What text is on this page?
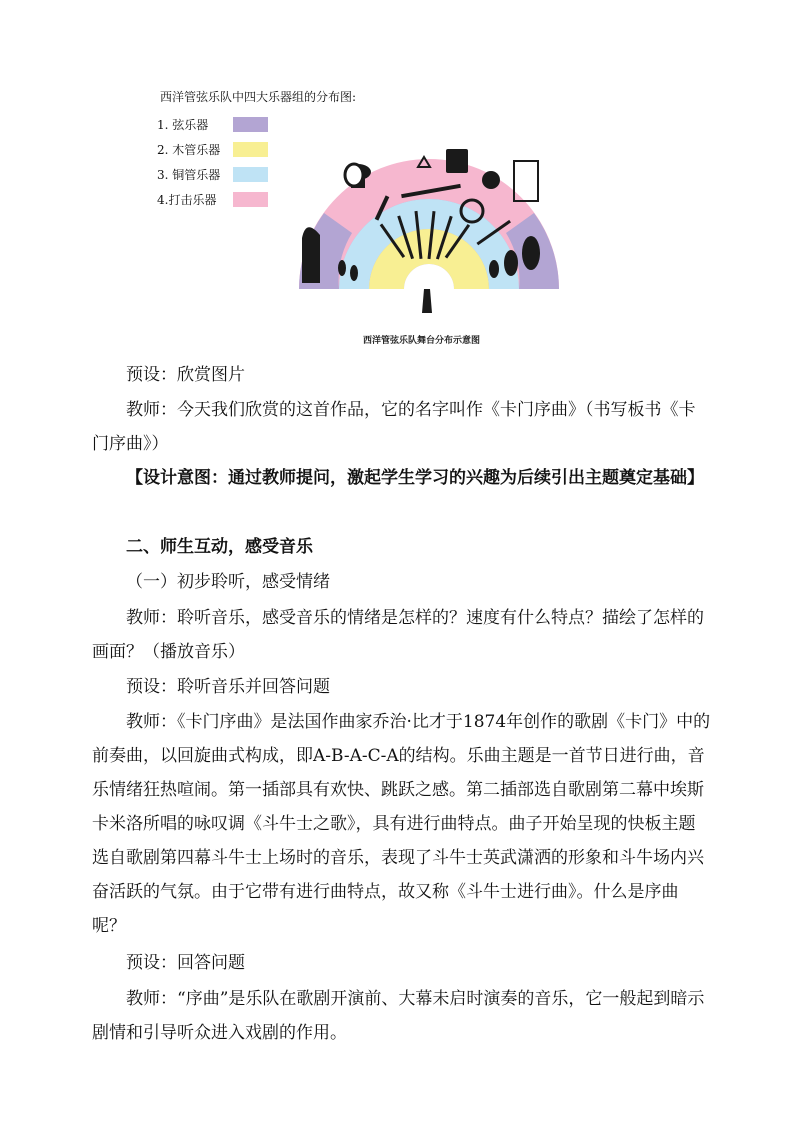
西洋管弦乐队中四大乐器组的分布图:
1. 弦乐器
2. 木管乐器
3. 铜管乐器
4.打击乐器
西洋管弦乐队舞台分布示意图
预设：欣赏图片
教师：今天我们欣赏的这首作品，它的名字叫作《卡门序曲》（书写板书《卡门序曲》）
【设计意图：通过教师提问，激起学生学习的兴趣为后续引出主题奠定基础】
二、师生互动，感受音乐
（一）初步聆听，感受情绪
教师：聆听音乐，感受音乐的情绪是怎样的？速度有什么特点？描绘了怎样的画面？（播放音乐）
预设：聆听音乐并回答问题
教师：《卡门序曲》是法国作曲家乔治·比才于1874年创作的歌剧《卡门》中的前奏曲，以回旋曲式构成，即A-B-A-C-A的结构。乐曲主题是一首节日进行曲，音乐情绪狂热喧闹。第一插部具有欢快、跳跃之感。第二插部选自歌剧第二幕中埃斯卡米洛所唱的咏叹调《斗牛士之歌》，具有进行曲特点。曲子开始呈现的快板主题选自歌剧第四幕斗牛士上场时的音乐，表现了斗牛士英武潇洒的形象和斗牛场内兴奋活跃的气氛。由于它带有进行曲特点，故又称《斗牛士进行曲》。什么是序曲呢？
预设：回答问题
教师：“序曲”是乐队在歌剧开演前、大幕未启时演奏的音乐，它一般起到暗示剧情和引导听众进入戏剧的作用。
